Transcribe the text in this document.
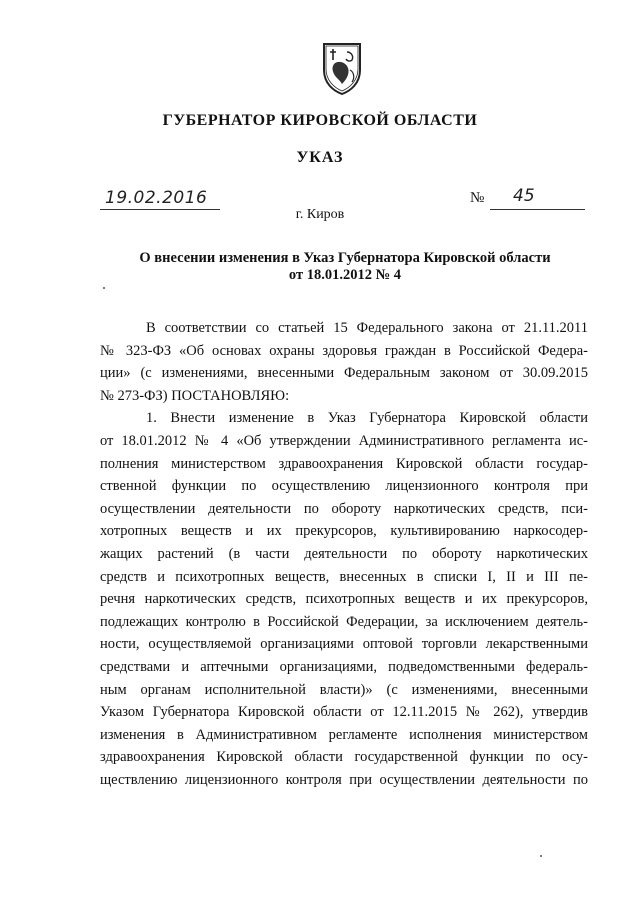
ГУБЕРНАТОР КИРОВСКОЙ ОБЛАСТИ
УКАЗ
19.02.2016	№ 45
г. Киров
О внесении изменения в Указ Губернатора Кировской области
от 18.01.2012 № 4
В соответствии со статьей 15 Федерального закона от 21.11.2011
№ 323-ФЗ «Об основах охраны здоровья граждан в Российской Федера-
ции» (с изменениями, внесенными Федеральным законом от 30.09.2015
№ 273-ФЗ) ПОСТАНОВЛЯЮ:
1. Внести изменение в Указ Губернатора Кировской области
от 18.01.2012 № 4 «Об утверждении Административного регламента ис-
полнения министерством здравоохранения Кировской области государ-
ственной функции по осуществлению лицензионного контроля при
осуществлении деятельности по обороту наркотических средств, пси-
хотропных веществ и их прекурсоров, культивированию наркосодер-
жащих растений (в части деятельности по обороту наркотических
средств и психотропных веществ, внесенных в списки I, II и III пе-
речня наркотических средств, психотропных веществ и их прекурсоров,
подлежащих контролю в Российской Федерации, за исключением деятель-
ности, осуществляемой организациями оптовой торговли лекарственными
средствами и аптечными организациями, подведомственными федераль-
ным органам исполнительной власти)» (с изменениями, внесенными
Указом Губернатора Кировской области от 12.11.2015 № 262), утвердив
изменения в Административном регламенте исполнения министерством
здравоохранения Кировской области государственной функции по осу-
ществлению лицензионного контроля при осуществлении деятельности по
